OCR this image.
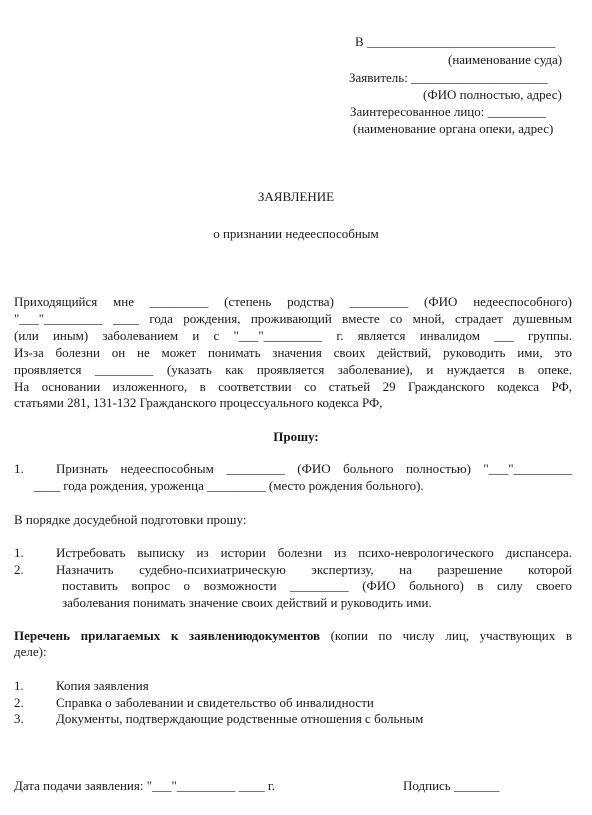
В _____________________________
(наименование суда)
Заявитель: _____________________
(ФИО полностью, адрес)
Заинтересованное лицо: _________
(наименование органа опеки, адрес)
ЗАЯВЛЕНИЕ
о признании недееспособным
Приходящийся мне _________ (степень родства) _________ (ФИО недееспособного)
"___"_________ ____ года рождения, проживающий вместе со мной, страдает душевным
(или иным) заболеванием и с "___"_________ г. является инвалидом ___ группы.
Из-за болезни он не может понимать значения своих действий, руководить ими, это
проявляется _________ (указать как проявляется заболевание), и нуждается в опеке.
На основании изложенного, в соответствии со статьей 29 Гражданского кодекса РФ,
статьями 281, 131-132 Гражданского процессуального кодекса РФ,
Прошу:
1. Признать недееспособным _________ (ФИО больного полностью) "___"_________
____ года рождения, уроженца _________ (место рождения больного).
В порядке досудебной подготовки прошу:
1. Истребовать выписку из истории болезни из психо-неврологического диспансера.
2. Назначить судебно-психиатрическую экспертизу, на разрешение которой
поставить вопрос о возможности _________ (ФИО больного) в силу своего
заболевания понимать значение своих действий и руководить ими.
Перечень прилагаемых к заявлениюдокументов (копии по числу лиц, участвующих в
деле):
1. Копия заявления
2. Справка о заболевании и свидетельство об инвалидности
3. Документы, подтверждающие родственные отношения с больным
Дата подачи заявления: "___"_________ ____ г.	Подпись _______
